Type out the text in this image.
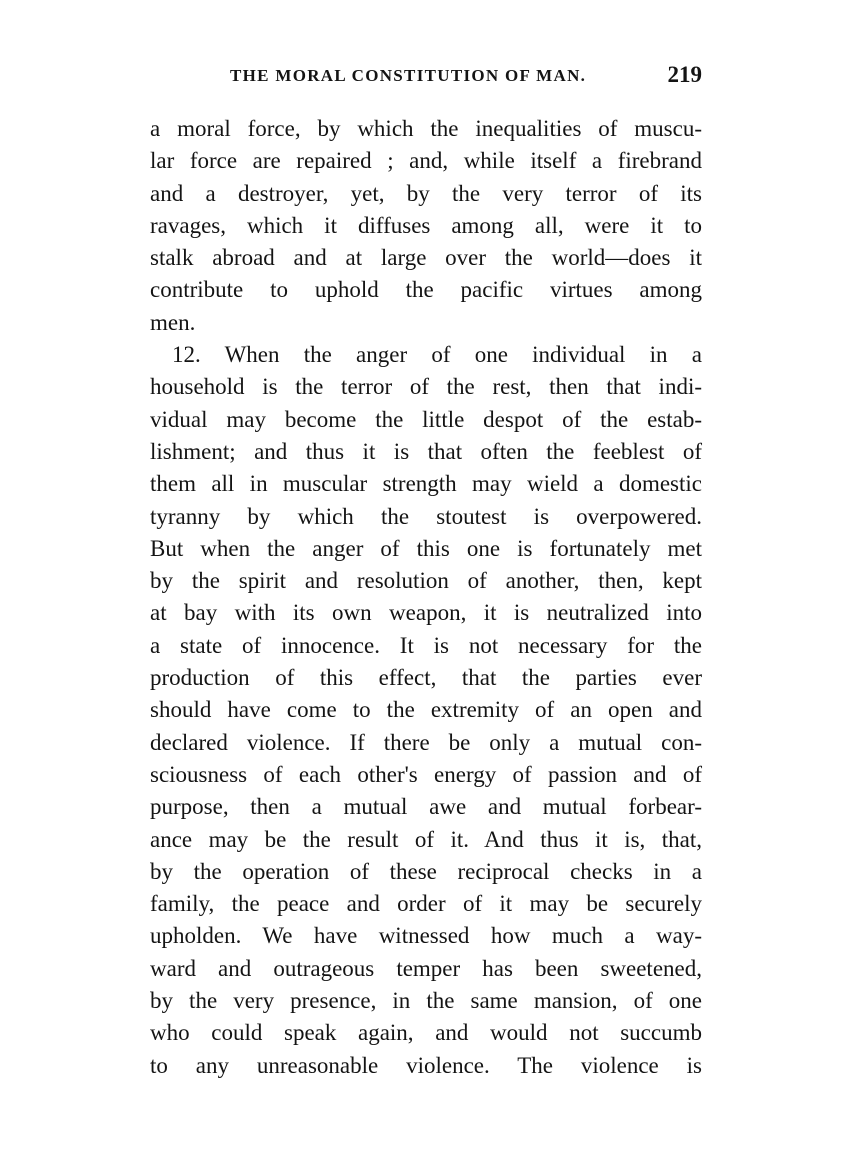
THE MORAL CONSTITUTION OF MAN.	219
a moral force, by which the inequalities of muscu-
lar force are repaired ; and, while itself a firebrand
and a destroyer, yet, by the very terror of its
ravages, which it diffuses among all, were it to
stalk abroad and at large over the world—does it
contribute to uphold the pacific virtues among
men.
12. When the anger of one individual in a
household is the terror of the rest, then that indi-
vidual may become the little despot of the estab-
lishment; and thus it is that often the feeblest of
them all in muscular strength may wield a domestic
tyranny by which the stoutest is overpowered.
But when the anger of this one is fortunately met
by the spirit and resolution of another, then, kept
at bay with its own weapon, it is neutralized into
a state of innocence. It is not necessary for the
production of this effect, that the parties ever
should have come to the extremity of an open and
declared violence. If there be only a mutual con-
sciousness of each other's energy of passion and of
purpose, then a mutual awe and mutual forbear-
ance may be the result of it. And thus it is, that,
by the operation of these reciprocal checks in a
family, the peace and order of it may be securely
upholden. We have witnessed how much a way-
ward and outrageous temper has been sweetened,
by the very presence, in the same mansion, of one
who could speak again, and would not succumb
to any unreasonable violence. The violence is
